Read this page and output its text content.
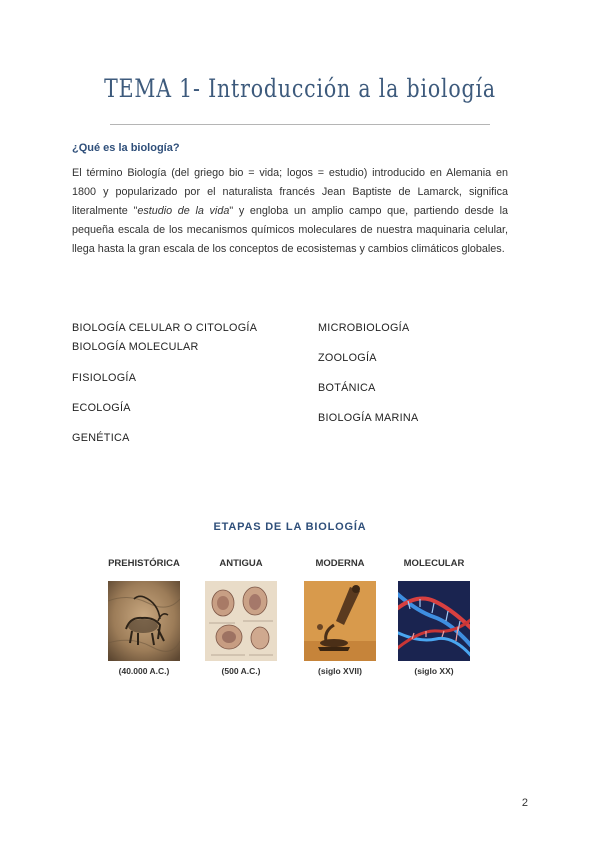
TEMA 1- Introducción a la biología
¿Qué es la biología?
El término Biología (del griego bio = vida; logos = estudio) introducido en Alemania en 1800 y popularizado por el naturalista francés Jean Baptiste de Lamarck, significa literalmente "estudio de la vida" y engloba un amplio campo que, partiendo desde la pequeña escala de los mecanismos químicos moleculares de nuestra maquinaria celular, llega hasta la gran escala de los conceptos de ecosistemas y cambios climáticos globales.
BIOLOGÍA CELULAR O CITOLOGÍA
BIOLOGÍA MOLECULAR
FISIOLOGÍA
ECOLOGÍA
GENÉTICA
MICROBIOLOGÍA
ZOOLOGÍA
BOTÁNICA
BIOLOGÍA MARINA
ETAPAS DE LA BIOLOGÍA
PREHISTÓRICA
(40.000 A.C.)
ANTIGUA
(500 A.C.)
MODERNA
(siglo XVII)
MOLECULAR
(siglo XX)
2
